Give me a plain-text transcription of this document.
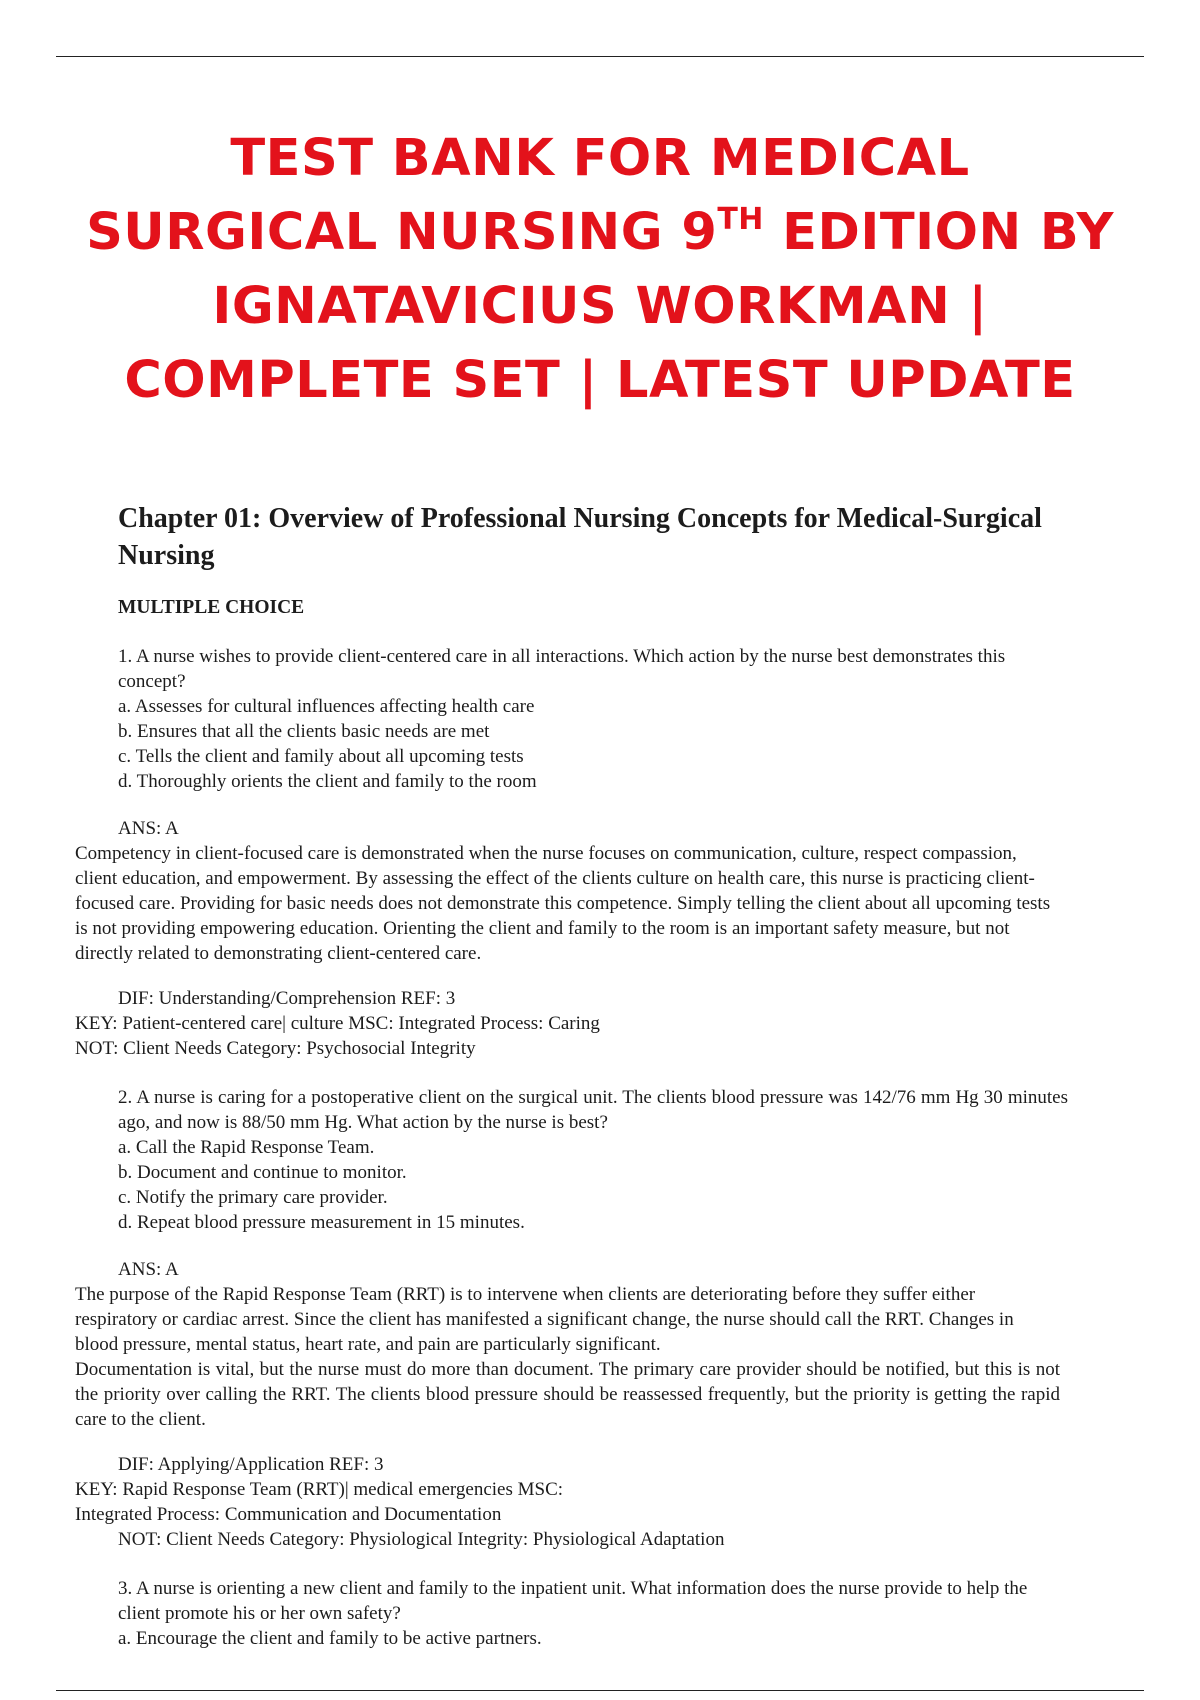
TEST BANK FOR MEDICAL
SURGICAL NURSING 9TH EDITION BY
IGNATAVICIUS WORKMAN |
COMPLETE SET | LATEST UPDATE
Chapter 01: Overview of Professional Nursing Concepts for Medical-Surgical Nursing
MULTIPLE CHOICE
1. A nurse wishes to provide client-centered care in all interactions. Which action by the nurse best demonstrates this concept?
a. Assesses for cultural influences affecting health care
b. Ensures that all the clients basic needs are met
c. Tells the client and family about all upcoming tests
d. Thoroughly orients the client and family to the room
ANS: A
Competency in client-focused care is demonstrated when the nurse focuses on communication, culture, respect compassion, client education, and empowerment. By assessing the effect of the clients culture on health care, this nurse is practicing client-focused care. Providing for basic needs does not demonstrate this competence. Simply telling the client about all upcoming tests is not providing empowering education. Orienting the client and family to the room is an important safety measure, but not directly related to demonstrating client-centered care.
DIF: Understanding/Comprehension REF: 3
KEY: Patient-centered care| culture MSC: Integrated Process: Caring
NOT: Client Needs Category: Psychosocial Integrity
2. A nurse is caring for a postoperative client on the surgical unit. The clients blood pressure was 142/76 mm Hg 30 minutes ago, and now is 88/50 mm Hg. What action by the nurse is best?
a. Call the Rapid Response Team.
b. Document and continue to monitor.
c. Notify the primary care provider.
d. Repeat blood pressure measurement in 15 minutes.
ANS: A
The purpose of the Rapid Response Team (RRT) is to intervene when clients are deteriorating before they suffer either respiratory or cardiac arrest. Since the client has manifested a significant change, the nurse should call the RRT. Changes in blood pressure, mental status, heart rate, and pain are particularly significant.
Documentation is vital, but the nurse must do more than document. The primary care provider should be notified, but this is not the priority over calling the RRT. The clients blood pressure should be reassessed frequently, but the priority is getting the rapid care to the client.
DIF: Applying/Application REF: 3
KEY: Rapid Response Team (RRT)| medical emergencies MSC:
Integrated Process: Communication and Documentation
NOT: Client Needs Category: Physiological Integrity: Physiological Adaptation
3. A nurse is orienting a new client and family to the inpatient unit. What information does the nurse provide to help the client promote his or her own safety?
a. Encourage the client and family to be active partners.
